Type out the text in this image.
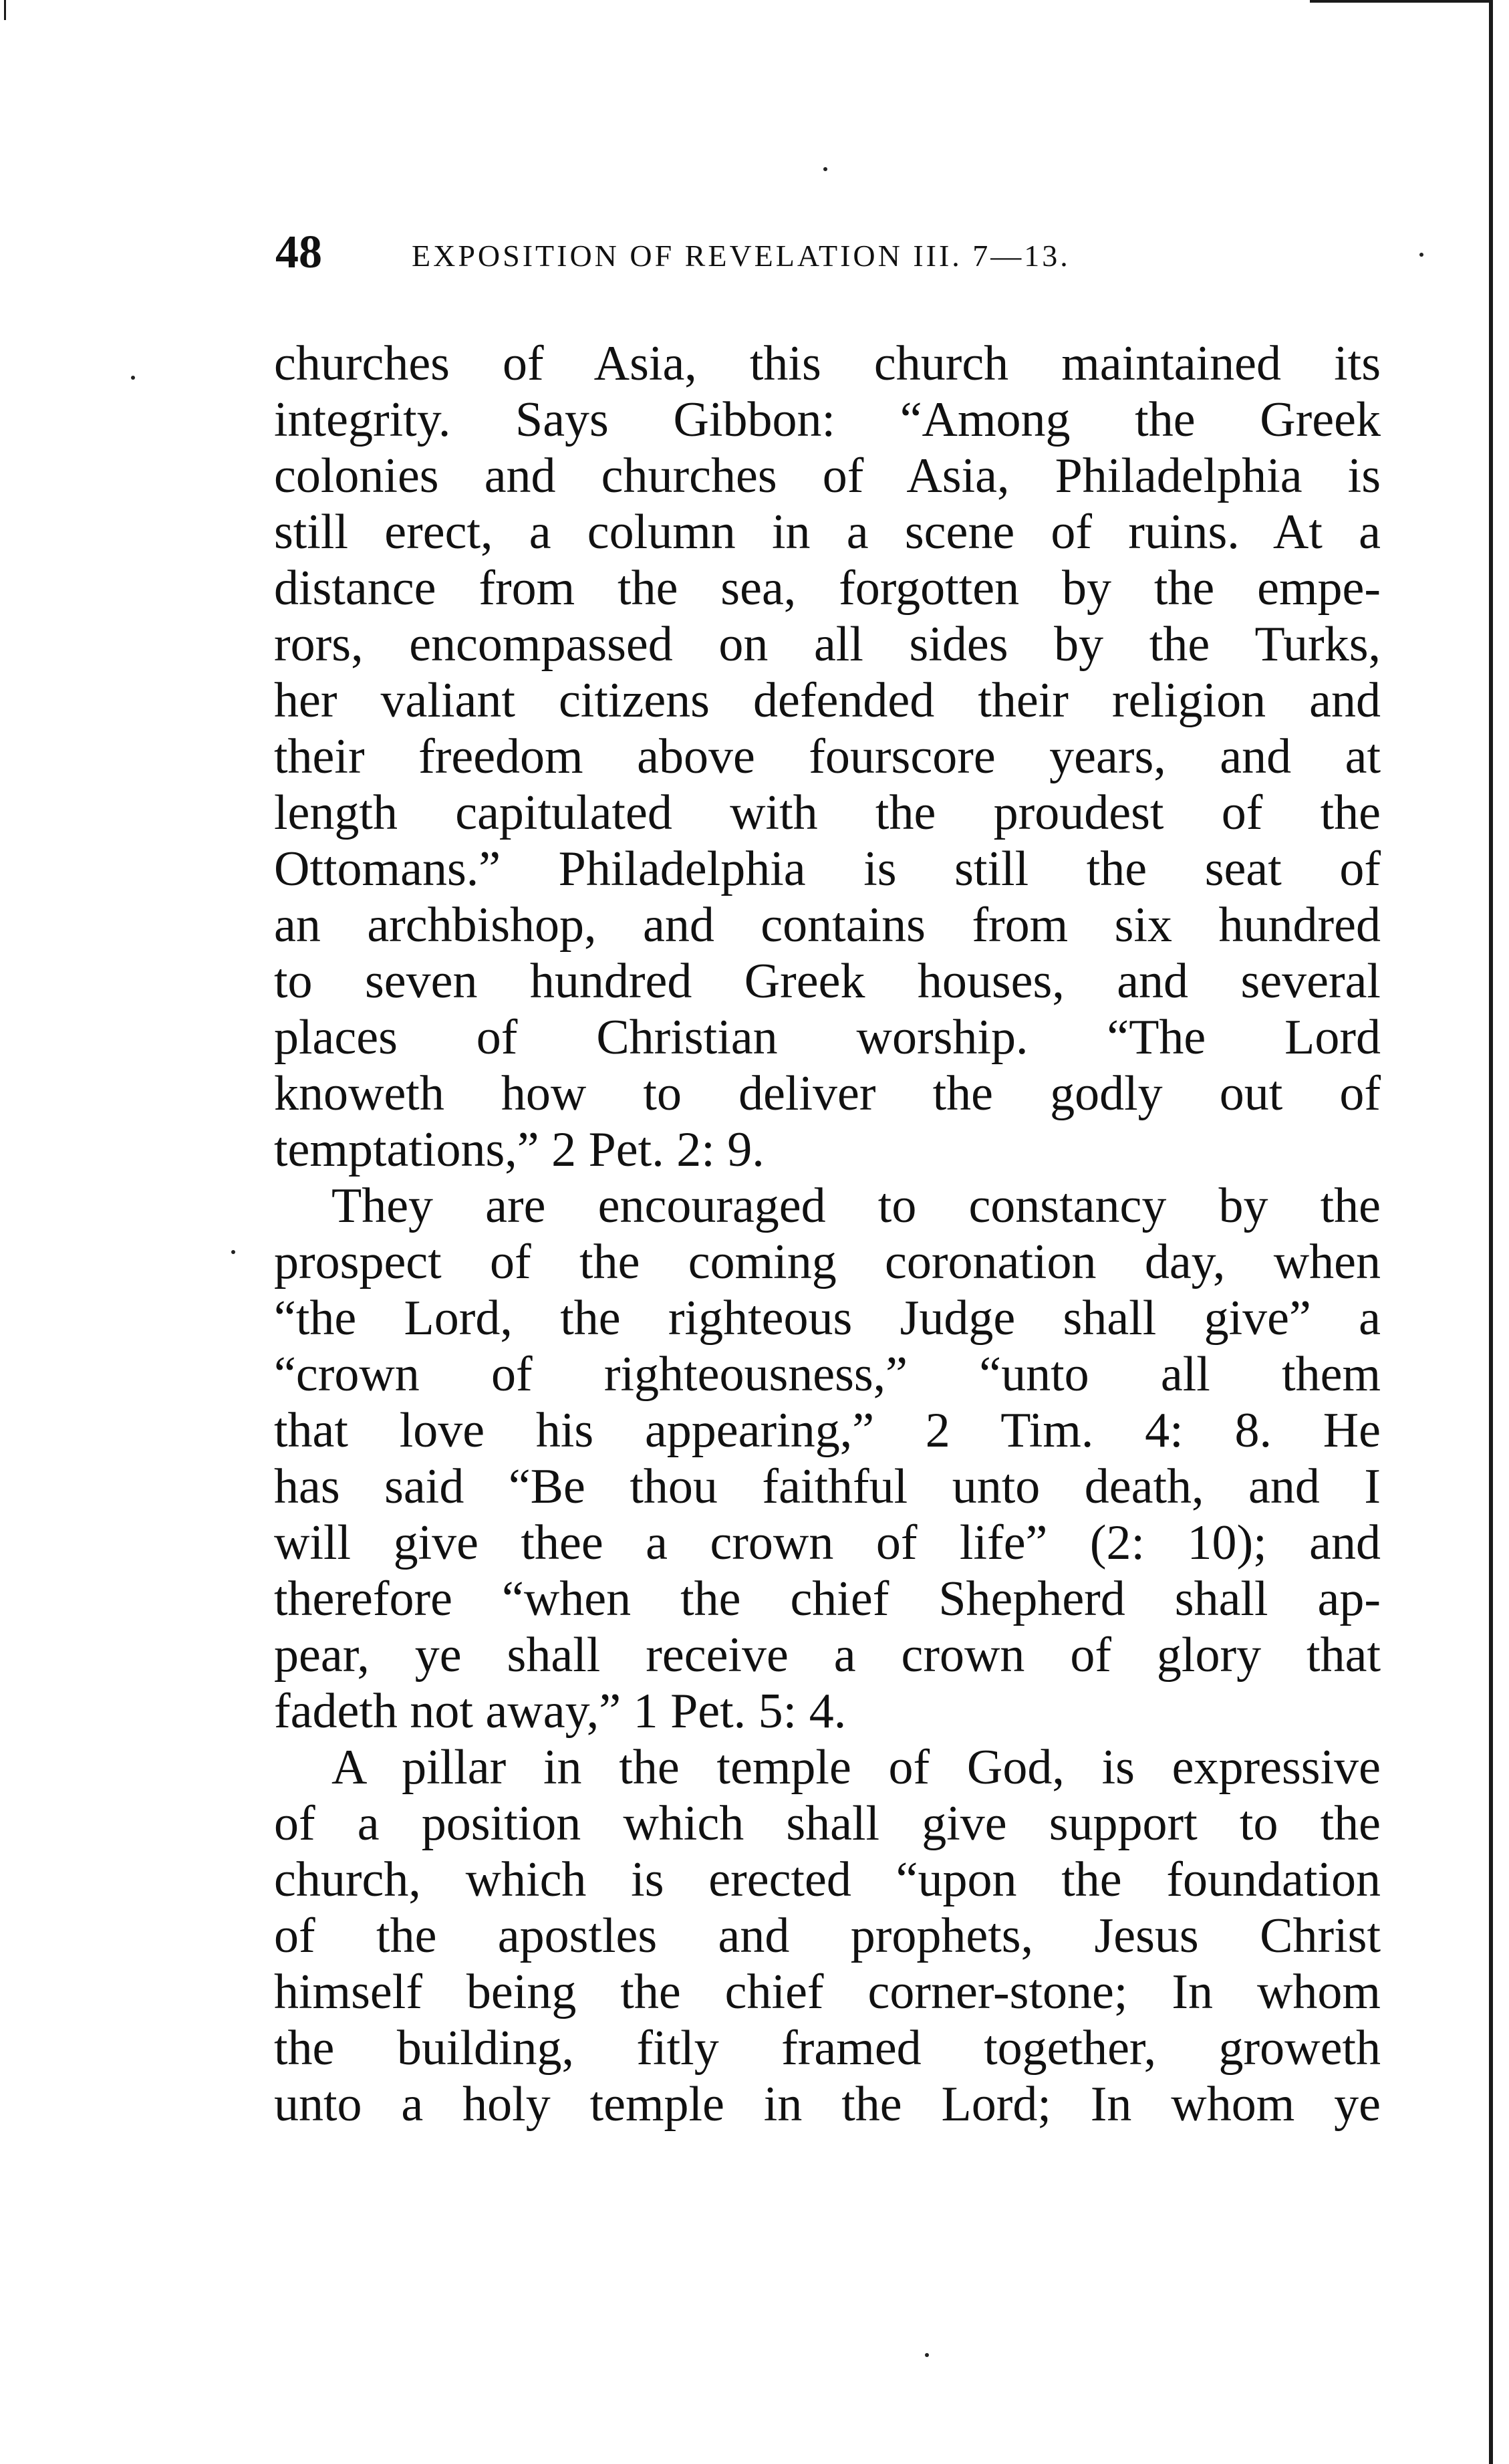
48	EXPOSITION OF REVELATION III. 7—13.
churches of Asia, this church maintained its
integrity. Says Gibbon: “Among the Greek
colonies and churches of Asia, Philadelphia is
still erect, a column in a scene of ruins. At a
distance from the sea, forgotten by the empe-
rors, encompassed on all sides by the Turks,
her valiant citizens defended their religion and
their freedom above fourscore years, and at
length capitulated with the proudest of the
Ottomans.” Philadelphia is still the seat of
an archbishop, and contains from six hundred
to seven hundred Greek houses, and several
places of Christian worship. “The Lord
knoweth how to deliver the godly out of
temptations,” 2 Pet. 2: 9.
They are encouraged to constancy by the
prospect of the coming coronation day, when
“the Lord, the righteous Judge shall give” a
“crown of righteousness,” “unto all them
that love his appearing,” 2 Tim. 4: 8. He
has said “Be thou faithful unto death, and I
will give thee a crown of life” (2: 10); and
therefore “when the chief Shepherd shall ap-
pear, ye shall receive a crown of glory that
fadeth not away,” 1 Pet. 5: 4.
A pillar in the temple of God, is expressive
of a position which shall give support to the
church, which is erected “upon the foundation
of the apostles and prophets, Jesus Christ
himself being the chief corner-stone; In whom
the building, fitly framed together, groweth
unto a holy temple in the Lord; In whom ye
